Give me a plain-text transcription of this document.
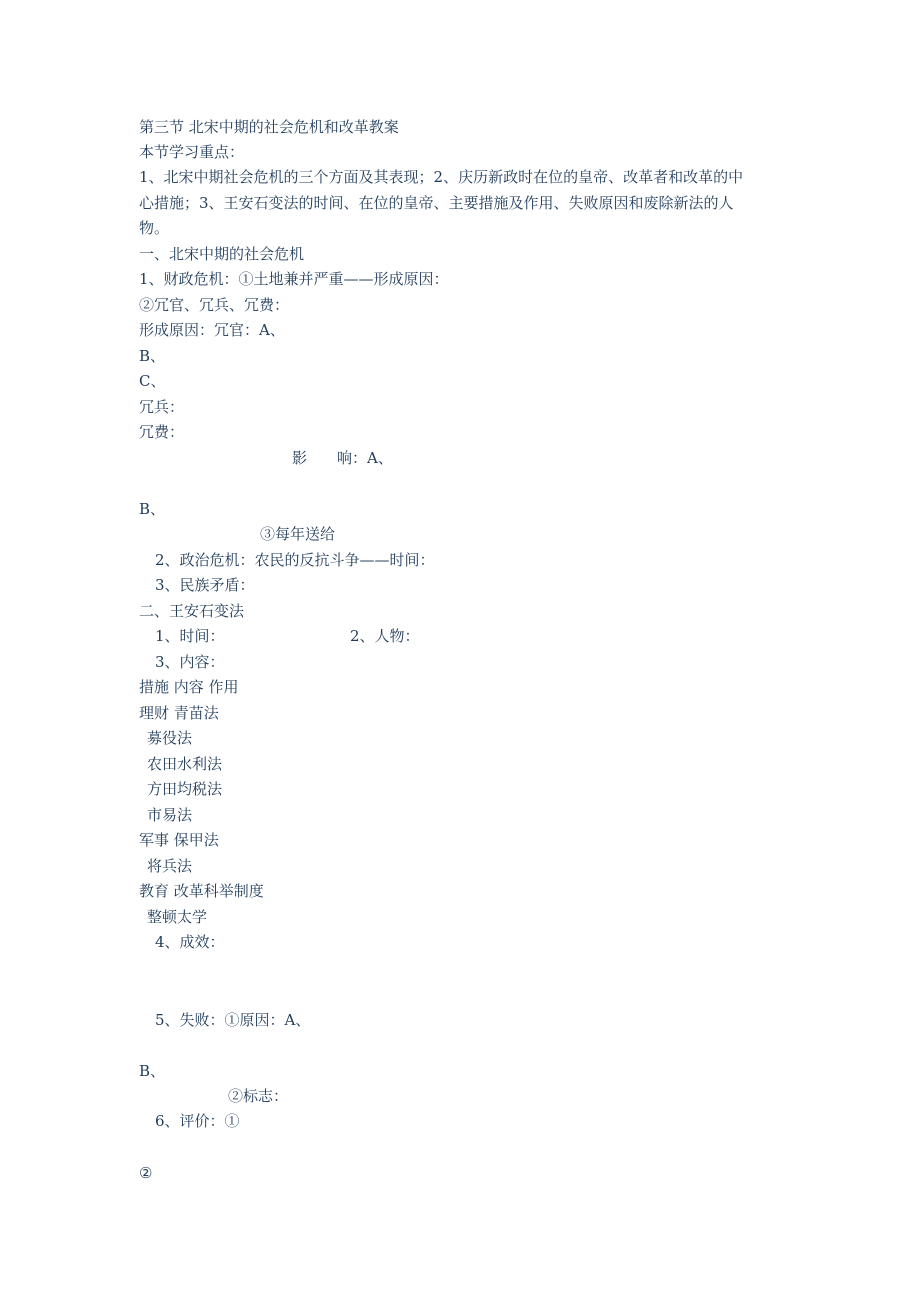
第三节 北宋中期的社会危机和改革教案
本节学习重点：
1、北宋中期社会危机的三个方面及其表现；2、庆历新政时在位的皇帝、改革者和改革的中
心措施；3、王安石变法的时间、在位的皇帝、主要措施及作用、失败原因和废除新法的人
物。
一、北宋中期的社会危机
1、财政危机：①土地兼并严重——形成原因：
②冗官、冗兵、冗费：
形成原因：冗官：A、
B、
C、
冗兵：
冗费：
影　　响：A、
B、
③每年送给
2、政治危机：农民的反抗斗争——时间：
3、民族矛盾：
二、王安石变法
1、时间：	2、人物：
3、内容：
措施 内容 作用
理财 青苗法
募役法
农田水利法
方田均税法
市易法
军事 保甲法
将兵法
教育 改革科举制度
整顿太学
4、成效：
5、失败：①原因：A、
B、
②标志：
6、评价：①
②
